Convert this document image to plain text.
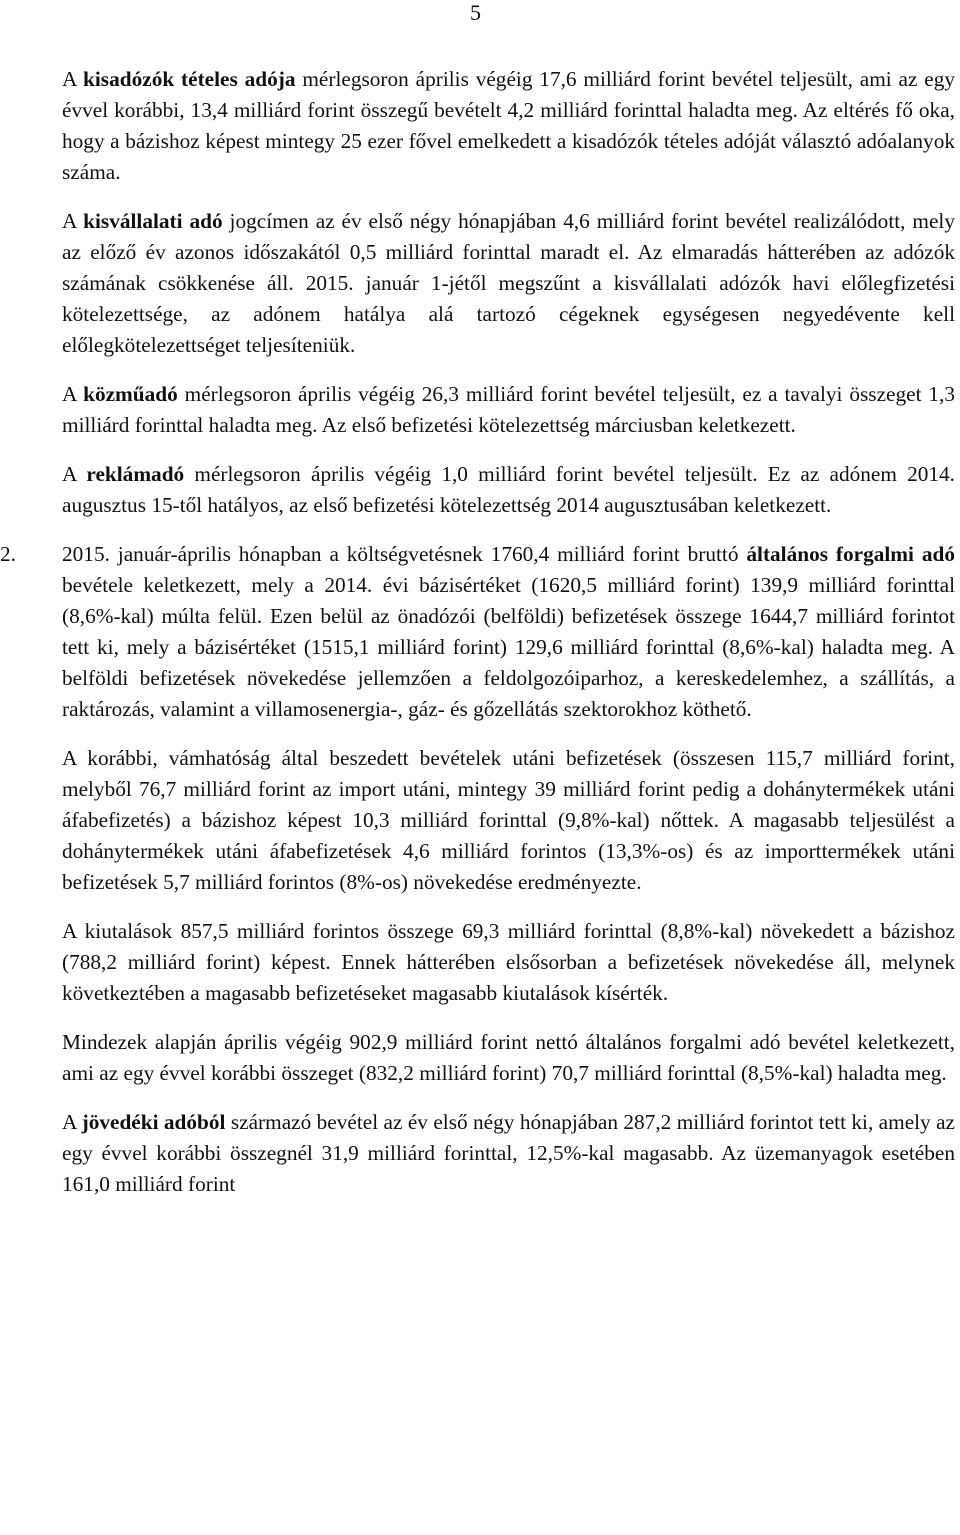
5

A kisadózók tételes adója mérlegsoron április végéig 17,6 milliárd forint bevétel teljesült, ami az egy évvel korábbi, 13,4 milliárd forint összegű bevételt 4,2 milliárd forinttal haladta meg. Az eltérés fő oka, hogy a bázishoz képest mintegy 25 ezer fővel emelkedett a kisadózók tételes adóját választó adóalanyok száma.

A kisvállalati adó jogcímen az év első négy hónapjában 4,6 milliárd forint bevétel realizálódott, mely az előző év azonos időszakától 0,5 milliárd forinttal maradt el. Az elmaradás hátterében az adózók számának csökkenése áll. 2015. január 1-jétől megszűnt a kisvállalati adózók havi előlegfizetési kötelezettsége, az adónem hatálya alá tartozó cégeknek egységesen negyedévente kell előlegkötelezettséget teljesíteniük.

A közműadó mérlegsoron április végéig 26,3 milliárd forint bevétel teljesült, ez a tavalyi összeget 1,3 milliárd forinttal haladta meg. Az első befizetési kötelezettség márciusban keletkezett.

A reklámadó mérlegsoron április végéig 1,0 milliárd forint bevétel teljesült. Ez az adónem 2014. augusztus 15-től hatályos, az első befizetési kötelezettség 2014 augusztusában keletkezett.

2. 2015. január-április hónapban a költségvetésnek 1760,4 milliárd forint bruttó általános forgalmi adó bevétele keletkezett, mely a 2014. évi bázisértéket (1620,5 milliárd forint) 139,9 milliárd forinttal (8,6%-kal) múlta felül. Ezen belül az önadózói (belföldi) befizetések összege 1644,7 milliárd forintot tett ki, mely a bázisértéket (1515,1 milliárd forint) 129,6 milliárd forinttal (8,6%-kal) haladta meg. A belföldi befizetések növekedése jellemzően a feldolgozóiparhoz, a kereskedelemhez, a szállítás, a raktározás, valamint a villamosenergia-, gáz- és gőzellátás szektorokhoz köthető.

A korábbi, vámhatóság által beszedett bevételek utáni befizetések (összesen 115,7 milliárd forint, melyből 76,7 milliárd forint az import utáni, mintegy 39 milliárd forint pedig a dohánytermékek utáni áfabefizetés) a bázishoz képest 10,3 milliárd forinttal (9,8%-kal) nőttek. A magasabb teljesülést a dohánytermékek utáni áfabefizetések 4,6 milliárd forintos (13,3%-os) és az importtermékek utáni befizetések 5,7 milliárd forintos (8%-os) növekedése eredményezte.

A kiutalások 857,5 milliárd forintos összege 69,3 milliárd forinttal (8,8%-kal) növekedett a bázishoz (788,2 milliárd forint) képest. Ennek hátterében elsősorban a befizetések növekedése áll, melynek következtében a magasabb befizetéseket magasabb kiutalások kísérték.

Mindezek alapján április végéig 902,9 milliárd forint nettó általános forgalmi adó bevétel keletkezett, ami az egy évvel korábbi összeget (832,2 milliárd forint) 70,7 milliárd forinttal (8,5%-kal) haladta meg.

A jövedéki adóból származó bevétel az év első négy hónapjában 287,2 milliárd forintot tett ki, amely az egy évvel korábbi összegnél 31,9 milliárd forinttal, 12,5%-kal magasabb. Az üzemanyagok esetében 161,0 milliárd forint
